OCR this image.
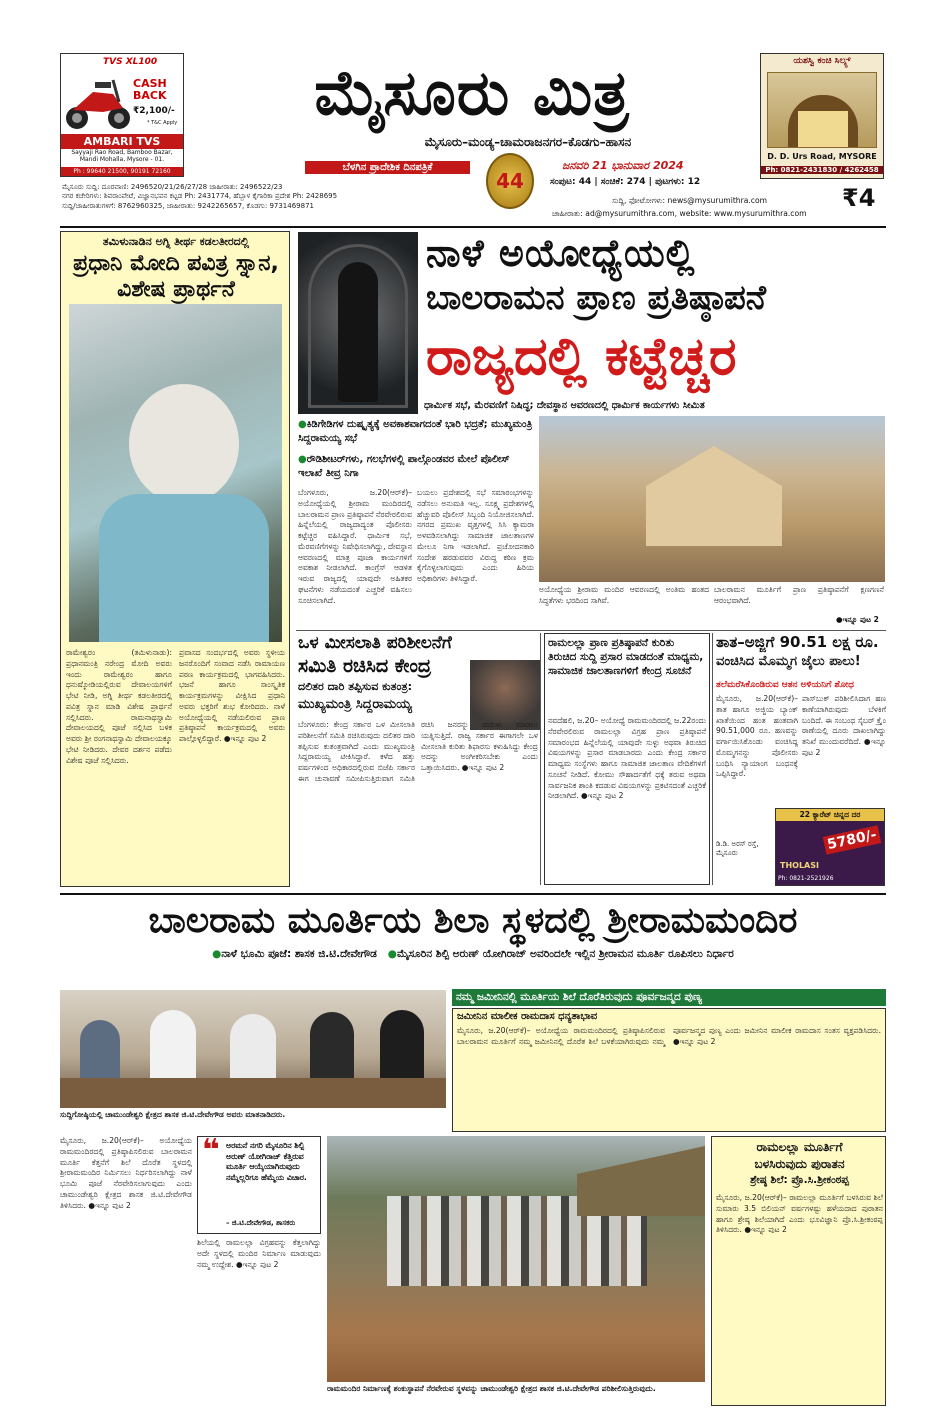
TVS XL100
CASH BACK
₹2,100/-
* T&C Apply
AMBARI TVS
Sayyaji Rao Road, Bamboo Bazar, Mandi Mohalla, Mysore - 01.
Ph : 99640 21500, 90191 72160
ಮೈಸೂರು ಮಿತ್ರ
ಮೈಸೂರು–ಮಂಡ್ಯ–ಚಾಮರಾಜನಗರ–ಕೊಡಗು–ಹಾಸನ
ಬೆಳಗಿನ ಪ್ರಾದೇಶಿಕ ದಿನಪತ್ರಿಕೆ
44
ಜನವರಿ 21 ಭಾನುವಾರ 2024
ಸಂಪುಟ: 44 | ಸಂಚಿಕೆ: 274 | ಪುಟಗಳು: 12
ಸುದ್ದಿ, ಫೋಟೋಗಳು: news@mysurumithra.com
ಜಾಹೀರಾತು: ad@mysurumithra.com, website: www.mysurumithra.com
₹4
ಮೈಸೂರು ಸುದ್ದಿ: ದೂರವಾಣಿ: 2496520/21/26/27/28 ಜಾಹೀರಾತು: 2496522/23
ನಗರ ಕಚೇರಿಗಳು: ಶಿವರಾಂಪೇಟೆ, ವಿಜ್ಞಾನಭವನ ಕಟ್ಟಡ Ph: 2431774, ಹೆಬ್ಬಾಳ ಕೈಗಾರಿಕಾ ಪ್ರದೇಶ Ph: 2428695
ಸುದ್ದಿ/ಜಾಹೀರಾತುಗಳಿಗೆ: 8762960325, ಜಾಹೀರಾತು: 9242265657, ಕೊಡಗು: 9731469871
ಯಶಸ್ವಿ ಕಂಚಿ ಸಿಲ್ಕ್ಸ್
D. D. Urs Road, MYSORE
Ph: 0821-2431830 / 4262458
ತಮಿಳುನಾಡಿನ ಅಗ್ನಿ ತೀರ್ಥ ಕಡಲತೀರದಲ್ಲಿ
ಪ್ರಧಾನಿ ಮೋದಿ ಪವಿತ್ರ ಸ್ನಾನ, ವಿಶೇಷ ಪ್ರಾರ್ಥನೆ
ರಾಮೇಶ್ವರಂ (ತಮಿಳುನಾಡು): ಪ್ರಧಾನಮಂತ್ರಿ ನರೇಂದ್ರ ಮೋದಿ ಅವರು ಇಂದು ರಾಮೇಶ್ವರಂ ಹಾಗೂ ಧನುಷ್ಕೋಡಿಯಲ್ಲಿರುವ ದೇವಾಲಯಗಳಿಗೆ ಭೇಟಿ ನೀಡಿ, ಅಗ್ನಿ ತೀರ್ಥ ಕಡಲತೀರದಲ್ಲಿ ಪವಿತ್ರ ಸ್ನಾನ ಮಾಡಿ ವಿಶೇಷ ಪ್ರಾರ್ಥನೆ ಸಲ್ಲಿಸಿದರು. ರಾಮನಾಥಸ್ವಾಮಿ ದೇವಾಲಯದಲ್ಲಿ ಪೂಜೆ ಸಲ್ಲಿಸಿದ ಬಳಿಕ ಅವರು ಶ್ರೀ ರಂಗನಾಥಸ್ವಾಮಿ ದೇವಾಲಯಕ್ಕೂ ಭೇಟಿ ನೀಡಿದರು. ದೇವರ ದರ್ಶನ ಪಡೆದು ವಿಶೇಷ ಪೂಜೆ ಸಲ್ಲಿಸಿದರು.
ಪ್ರವಾಸದ ಸಂದರ್ಭದಲ್ಲಿ ಅವರು ಸ್ಥಳೀಯ ಜನರೊಂದಿಗೆ ಸಂವಾದ ನಡೆಸಿ ರಾಮಾಯಣ ಪಠಣ ಕಾರ್ಯಕ್ರಮದಲ್ಲಿ ಭಾಗವಹಿಸಿದರು. ಭಜನೆ ಹಾಗೂ ಸಾಂಸ್ಕೃತಿಕ ಕಾರ್ಯಕ್ರಮಗಳನ್ನು ವೀಕ್ಷಿಸಿದ ಪ್ರಧಾನಿ ಅವರು ಭಕ್ತರಿಗೆ ಶುಭ ಕೋರಿದರು. ನಾಳೆ ಅಯೋಧ್ಯೆಯಲ್ಲಿ ನಡೆಯಲಿರುವ ಪ್ರಾಣ ಪ್ರತಿಷ್ಠಾಪನೆ ಕಾರ್ಯಕ್ರಮದಲ್ಲಿ ಅವರು ಪಾಲ್ಗೊಳ್ಳಲಿದ್ದಾರೆ. ●ಇನ್ನೂ ಪುಟ 2
ನಾಳೆ ಅಯೋಧ್ಯೆಯಲ್ಲಿ
ಬಾಲರಾಮನ ಪ್ರಾಣ ಪ್ರತಿಷ್ಠಾಪನೆ
ರಾಜ್ಯದಲ್ಲಿ ಕಟ್ಟೆಚ್ಚರ
ಧಾರ್ಮಿಕ ಸಭೆ, ಮೆರವಣಿಗೆ ನಿಷಿದ್ಧ; ದೇವಸ್ಥಾನ ಆವರಣದಲ್ಲಿ ಧಾರ್ಮಿಕ ಕಾರ್ಯಗಳು ಸೀಮಿತ
●ಕಿಡಿಗೇಡಿಗಳ ದುಷ್ಕೃತ್ಯಕ್ಕೆ ಅವಕಾಶವಾಗದಂತೆ ಭಾರಿ ಭದ್ರತೆ; ಮುಖ್ಯಮಂತ್ರಿ ಸಿದ್ದರಾಮಯ್ಯ ಸಭೆ
●ರೌಡಿಶೀಟರ್‌ಗಳು, ಗಲಭೆಗಳಲ್ಲಿ ಪಾಲ್ಗೊಂಡವರ ಮೇಲೆ ಪೊಲೀಸ್ ಇಲಾಖೆ ತೀವ್ರ ನಿಗಾ
ಬೆಂಗಳೂರು, ಜ.20(ಆರ್‌ಕೆ)– ಅಯೋಧ್ಯೆಯಲ್ಲಿ ಶ್ರೀರಾಮ ಮಂದಿರದಲ್ಲಿ ಬಾಲರಾಮನ ಪ್ರಾಣ ಪ್ರತಿಷ್ಠಾಪನೆ ನೆರವೇರಲಿರುವ ಹಿನ್ನೆಲೆಯಲ್ಲಿ ರಾಜ್ಯದಾದ್ಯಂತ ಪೊಲೀಸರು ಕಟ್ಟೆಚ್ಚರ ವಹಿಸಿದ್ದಾರೆ. ಧಾರ್ಮಿಕ ಸಭೆ, ಮೆರವಣಿಗೆಗಳನ್ನು ನಿಷೇಧಿಸಲಾಗಿದ್ದು, ದೇವಸ್ಥಾನ ಆವರಣದಲ್ಲಿ ಮಾತ್ರ ಪೂಜಾ ಕಾರ್ಯಗಳಿಗೆ ಅವಕಾಶ ನೀಡಲಾಗಿದೆ. ಕಾಂಗ್ರೆಸ್ ಆಡಳಿತ ಇರುವ ರಾಜ್ಯದಲ್ಲಿ ಯಾವುದೇ ಅಹಿತಕರ ಘಟನೆಗಳು ನಡೆಯದಂತೆ ಎಚ್ಚರಿಕೆ ವಹಿಸಲು ಸೂಚಿಸಲಾಗಿದೆ.
ಬಯಲು ಪ್ರದೇಶದಲ್ಲಿ ಸಭೆ ಸಮಾರಂಭಗಳನ್ನು ನಡೆಸಲು ಅನುಮತಿ ಇಲ್ಲ. ಸೂಕ್ಷ್ಮ ಪ್ರದೇಶಗಳಲ್ಲಿ ಹೆಚ್ಚುವರಿ ಪೊಲೀಸ್ ಸಿಬ್ಬಂದಿ ನಿಯೋಜಿಸಲಾಗಿದೆ. ನಗರದ ಪ್ರಮುಖ ವೃತ್ತಗಳಲ್ಲಿ ಸಿಸಿ ಕ್ಯಾಮರಾ ಅಳವಡಿಸಲಾಗಿದ್ದು ಸಾಮಾಜಿಕ ಜಾಲತಾಣಗಳ ಮೇಲೂ ನಿಗಾ ಇಡಲಾಗಿದೆ. ಪ್ರಚೋದನಕಾರಿ ಸಂದೇಶ ಹರಡುವವರ ವಿರುದ್ಧ ಕಠಿಣ ಕ್ರಮ ಕೈಗೊಳ್ಳಲಾಗುವುದು ಎಂದು ಹಿರಿಯ ಅಧಿಕಾರಿಗಳು ತಿಳಿಸಿದ್ದಾರೆ.
ಅಯೋಧ್ಯೆಯ ಶ್ರೀರಾಮ ಮಂದಿರ ಆವರಣದಲ್ಲಿ ಅಂತಿಮ ಹಂತದ ಸಿದ್ಧತೆಗಳು ಭರದಿಂದ ಸಾಗಿವೆ.
ಬಾಲರಾಮನ ಮೂರ್ತಿಗೆ ಪ್ರಾಣ ಪ್ರತಿಷ್ಠಾಪನೆಗೆ ಕ್ಷಣಗಣನೆ ಆರಂಭವಾಗಿದೆ.
●ಇನ್ನೂ ಪುಟ 2
ಒಳ ಮೀಸಲಾತಿ ಪರಿಶೀಲನೆಗೆ
ಸಮಿತಿ ರಚಿಸಿದ ಕೇಂದ್ರ
ದಲಿತರ ದಾರಿ ತಪ್ಪಿಸುವ ಕುತಂತ್ರ:
ಮುಖ್ಯಮಂತ್ರಿ ಸಿದ್ದರಾಮಯ್ಯ
ಬೆಂಗಳೂರು: ಕೇಂದ್ರ ಸರ್ಕಾರ ಒಳ ಮೀಸಲಾತಿ ಪರಿಶೀಲನೆಗೆ ಸಮಿತಿ ರಚಿಸಿರುವುದು ದಲಿತರ ದಾರಿ ತಪ್ಪಿಸುವ ಕುತಂತ್ರವಾಗಿದೆ ಎಂದು ಮುಖ್ಯಮಂತ್ರಿ ಸಿದ್ದರಾಮಯ್ಯ ಟೀಕಿಸಿದ್ದಾರೆ. ಕಳೆದ ಹತ್ತು ವರ್ಷಗಳಿಂದ ಅಧಿಕಾರದಲ್ಲಿರುವ ಬಿಜೆಪಿ ಸರ್ಕಾರ ಈಗ ಚುನಾವಣೆ ಸಮೀಪಿಸುತ್ತಿರುವಾಗ ಸಮಿತಿ ರಚಿಸಿ ಜನರನ್ನು ಮರುಳು ಮಾಡಲು ಯತ್ನಿಸುತ್ತಿದೆ. ರಾಜ್ಯ ಸರ್ಕಾರ ಈಗಾಗಲೇ ಒಳ ಮೀಸಲಾತಿ ಕುರಿತು ಶಿಫಾರಸು ಕಳುಹಿಸಿದ್ದು ಕೇಂದ್ರ ಅದನ್ನು ಅಂಗೀಕರಿಸಬೇಕು ಎಂದು ಒತ್ತಾಯಿಸಿದರು. ●ಇನ್ನೂ ಪುಟ 2
ರಾಮಲಲ್ಲಾ ಪ್ರಾಣ ಪ್ರತಿಷ್ಠಾಪನೆ ಕುರಿತು ತಿರುಚಿದ ಸುದ್ದಿ ಪ್ರಸಾರ ಮಾಡದಂತೆ ಮಾಧ್ಯಮ, ಸಾಮಾಜಿಕ ಜಾಲತಾಣಗಳಿಗೆ ಕೇಂದ್ರ ಸೂಚನೆ
ನವದೆಹಲಿ, ಜ.20– ಅಯೋಧ್ಯೆ ರಾಮಮಂದಿರದಲ್ಲಿ ಜ.22ರಂದು ನೆರವೇರಲಿರುವ ರಾಮಲಲ್ಲಾ ವಿಗ್ರಹ ಪ್ರಾಣ ಪ್ರತಿಷ್ಠಾಪನೆ ಸಮಾರಂಭದ ಹಿನ್ನೆಲೆಯಲ್ಲಿ ಯಾವುದೇ ಸುಳ್ಳು ಅಥವಾ ತಿರುಚಿದ ವಿಷಯಗಳನ್ನು ಪ್ರಸಾರ ಮಾಡಬಾರದು ಎಂದು ಕೇಂದ್ರ ಸರ್ಕಾರ ಮಾಧ್ಯಮ ಸಂಸ್ಥೆಗಳು ಹಾಗೂ ಸಾಮಾಜಿಕ ಜಾಲತಾಣ ವೇದಿಕೆಗಳಿಗೆ ಸೂಚನೆ ನೀಡಿದೆ. ಕೋಮು ಸೌಹಾರ್ದತೆಗೆ ಧಕ್ಕೆ ತರುವ ಅಥವಾ ಸಾರ್ವಜನಿಕ ಶಾಂತಿ ಕದಡುವ ವಿಷಯಗಳನ್ನು ಪ್ರಕಟಿಸದಂತೆ ಎಚ್ಚರಿಕೆ ನೀಡಲಾಗಿದೆ. ●ಇನ್ನೂ ಪುಟ 2
ತಾತ–ಅಜ್ಜಿಗೆ 90.51 ಲಕ್ಷ ರೂ.
ವಂಚಿಸಿದ ಮೊಮ್ಮಗ ಜೈಲು ಪಾಲು!
ತಲೆಮರೆಸಿಕೊಂಡಿರುವ ಆತನ ಅಳಿಯನಿಗೆ ಶೋಧ
ಮೈಸೂರು, ಜ.20(ಆರ್‌ಕೆ)– ತಾತ ಹಾಗೂ ಅಜ್ಜಿಯ ಬ್ಯಾಂಕ್ ಖಾತೆಯಿಂದ ಹಂತ ಹಂತವಾಗಿ 90.51,000 ರೂ. ಹಣವನ್ನು ವರ್ಗಾಯಿಸಿಕೊಂಡು ವಂಚಿಸಿದ್ದ ಮೊಮ್ಮಗನನ್ನು ಪೊಲೀಸರು ಬಂಧಿಸಿ ನ್ಯಾಯಾಂಗ ಬಂಧನಕ್ಕೆ ಒಪ್ಪಿಸಿದ್ದಾರೆ.
ಪಾಸ್‌ಬುಕ್ ಪರಿಶೀಲಿಸಿದಾಗ ಹಣ ಕಾಣೆಯಾಗಿರುವುದು ಬೆಳಕಿಗೆ ಬಂದಿದೆ. ಈ ಸಂಬಂಧ ಸೈಬರ್ ಕ್ರೈಂ ಠಾಣೆಯಲ್ಲಿ ದೂರು ದಾಖಲಾಗಿದ್ದು ತನಿಖೆ ಮುಂದುವರೆದಿದೆ. ●ಇನ್ನೂ ಪುಟ 2
22 ಕ್ಯಾರೆಟ್ ಚಿನ್ನದ ದರ
THOLASI
5780/-
Ph: 0821-2521926
ಡಿ.ಡಿ. ಅರಸ್ ರಸ್ತೆ, ಮೈಸೂರು
ಬಾಲರಾಮ ಮೂರ್ತಿಯ ಶಿಲಾ ಸ್ಥಳದಲ್ಲಿ ಶ್ರೀರಾಮಮಂದಿರ
●ನಾಳೆ ಭೂಮಿ ಪೂಜೆ: ಶಾಸಕ ಜಿ.ಟಿ.ದೇವೇಗೌಡ ●ಮೈಸೂರಿನ ಶಿಲ್ಪಿ ಅರುಣ್ ಯೋಗಿರಾಜ್ ಅವರಿಂದಲೇ ಇಲ್ಲಿನ ಶ್ರೀರಾಮನ ಮೂರ್ತಿ ರೂಪಿಸಲು ನಿರ್ಧಾರ
ಸುದ್ದಿಗೋಷ್ಠಿಯಲ್ಲಿ ಚಾಮುಂಡೇಶ್ವರಿ ಕ್ಷೇತ್ರದ ಶಾಸಕ ಜಿ.ಟಿ.ದೇವೇಗೌಡ ಅವರು ಮಾತನಾಡಿದರು.
ನಮ್ಮ ಜಮೀನಿನಲ್ಲಿ ಮೂರ್ತಿಯ ಶಿಲೆ ದೊರೆತಿರುವುದು ಪೂರ್ವಜನ್ಮದ ಪುಣ್ಯ
ಜಮೀನಿನ ಮಾಲೀಕ ರಾಮದಾಸ ಧನ್ಯತಾಭಾವ
ಮೈಸೂರು, ಜ.20(ಆರ್‌ಕೆ)– ಅಯೋಧ್ಯೆಯ ರಾಮಮಂದಿರದಲ್ಲಿ ಪ್ರತಿಷ್ಠಾಪಿಸಲಿರುವ ಬಾಲರಾಮನ ಮೂರ್ತಿಗೆ ನಮ್ಮ ಜಮೀನಿನಲ್ಲಿ ದೊರೆತ ಶಿಲೆ ಬಳಕೆಯಾಗಿರುವುದು ನಮ್ಮ ಪೂರ್ವಜನ್ಮದ ಪುಣ್ಯ ಎಂದು ಜಮೀನಿನ ಮಾಲೀಕ ರಾಮದಾಸ ಸಂತಸ ವ್ಯಕ್ತಪಡಿಸಿದರು. ●ಇನ್ನೂ ಪುಟ 2
ಮೈಸೂರು, ಜ.20(ಆರ್‌ಕೆ)– ಅಯೋಧ್ಯೆಯ ರಾಮಮಂದಿರದಲ್ಲಿ ಪ್ರತಿಷ್ಠಾಪಿಸಲಿರುವ ಬಾಲರಾಮನ ಮೂರ್ತಿ ಕೆತ್ತನೆಗೆ ಶಿಲೆ ದೊರೆತ ಸ್ಥಳದಲ್ಲಿ ಶ್ರೀರಾಮಮಂದಿರ ನಿರ್ಮಿಸಲು ನಿರ್ಧರಿಸಲಾಗಿದ್ದು ನಾಳೆ ಭೂಮಿ ಪೂಜೆ ನೆರವೇರಿಸಲಾಗುವುದು ಎಂದು ಚಾಮುಂಡೇಶ್ವರಿ ಕ್ಷೇತ್ರದ ಶಾಸಕ ಜಿ.ಟಿ.ದೇವೇಗೌಡ ತಿಳಿಸಿದರು. ●ಇನ್ನೂ ಪುಟ 2
❝ ಅರಮನೆ ನಗರಿ ಮೈಸೂರಿನ ಶಿಲ್ಪಿ ಅರುಣ್ ಯೋಗಿರಾಜ್ ಕೆತ್ತಿರುವ ಮೂರ್ತಿ ಆಯ್ಕೆಯಾಗಿರುವುದು ನಮ್ಮೆಲ್ಲರಿಗೂ ಹೆಮ್ಮೆಯ ವಿಚಾರ.
– ಜಿ.ಟಿ.ದೇವೇಗೌಡ, ಶಾಸಕರು
ಶಿಲೆಯಲ್ಲಿ ರಾಮಲಲ್ಲಾ ವಿಗ್ರಹವನ್ನು ಕೆತ್ತಲಾಗಿದ್ದು ಅದೇ ಸ್ಥಳದಲ್ಲಿ ಮಂದಿರ ನಿರ್ಮಾಣ ಮಾಡುವುದು ನಮ್ಮ ಉದ್ದೇಶ. ●ಇನ್ನೂ ಪುಟ 2
ರಾಮಮಂದಿರ ನಿರ್ಮಾಣಕ್ಕೆ ಶಂಕುಸ್ಥಾಪನೆ ನೆರವೇರುವ ಸ್ಥಳವನ್ನು ಚಾಮುಂಡೇಶ್ವರಿ ಕ್ಷೇತ್ರದ ಶಾಸಕ ಜಿ.ಟಿ.ದೇವೇಗೌಡ ಪರಿಶೀಲಿಸುತ್ತಿರುವುದು.
ರಾಮಲಲ್ಲಾ ಮೂರ್ತಿಗೆ
ಬಳಸಿರುವುದು ಪುರಾತನ
ಶ್ರೇಷ್ಠ ಶಿಲೆ: ಪ್ರೊ.ಸಿ.ಶ್ರೀಕಂಠಪ್ಪ
ಮೈಸೂರು, ಜ.20(ಆರ್‌ಕೆ)– ರಾಮಲಲ್ಲಾ ಮೂರ್ತಿಗೆ ಬಳಸಿರುವ ಶಿಲೆ ಸುಮಾರು 3.5 ಬಿಲಿಯನ್ ವರ್ಷಗಳಷ್ಟು ಹಳೆಯದಾದ ಪುರಾತನ ಹಾಗೂ ಶ್ರೇಷ್ಠ ಶಿಲೆಯಾಗಿದೆ ಎಂದು ಭೂವಿಜ್ಞಾನಿ ಪ್ರೊ.ಸಿ.ಶ್ರೀಕಂಠಪ್ಪ ತಿಳಿಸಿದರು. ●ಇನ್ನೂ ಪುಟ 2
